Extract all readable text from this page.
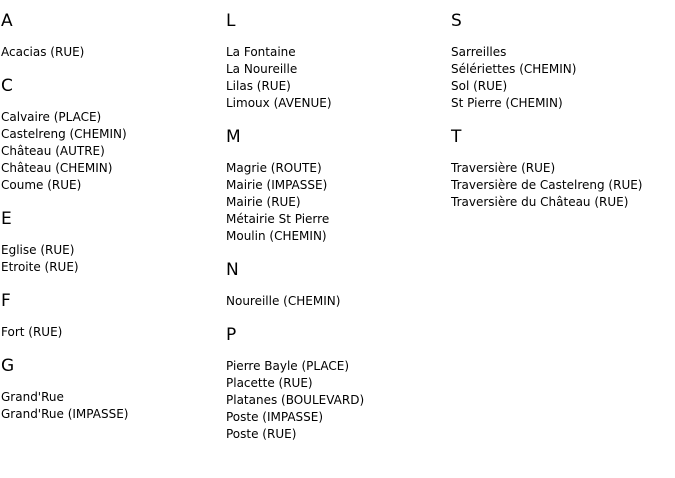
A
Acacias (RUE)
C
Calvaire (PLACE)
Castelreng (CHEMIN)
Château (AUTRE)
Château (CHEMIN)
Coume (RUE)
E
Eglise (RUE)
Etroite (RUE)
F
Fort (RUE)
G
Grand'Rue
Grand'Rue (IMPASSE)
L
La Fontaine
La Noureille
Lilas (RUE)
Limoux (AVENUE)
M
Magrie (ROUTE)
Mairie (IMPASSE)
Mairie (RUE)
Métairie St Pierre
Moulin (CHEMIN)
N
Noureille (CHEMIN)
P
Pierre Bayle (PLACE)
Placette (RUE)
Platanes (BOULEVARD)
Poste (IMPASSE)
Poste (RUE)
S
Sarreilles
Sélériettes (CHEMIN)
Sol (RUE)
St Pierre (CHEMIN)
T
Traversière (RUE)
Traversière de Castelreng (RUE)
Traversière du Château (RUE)
